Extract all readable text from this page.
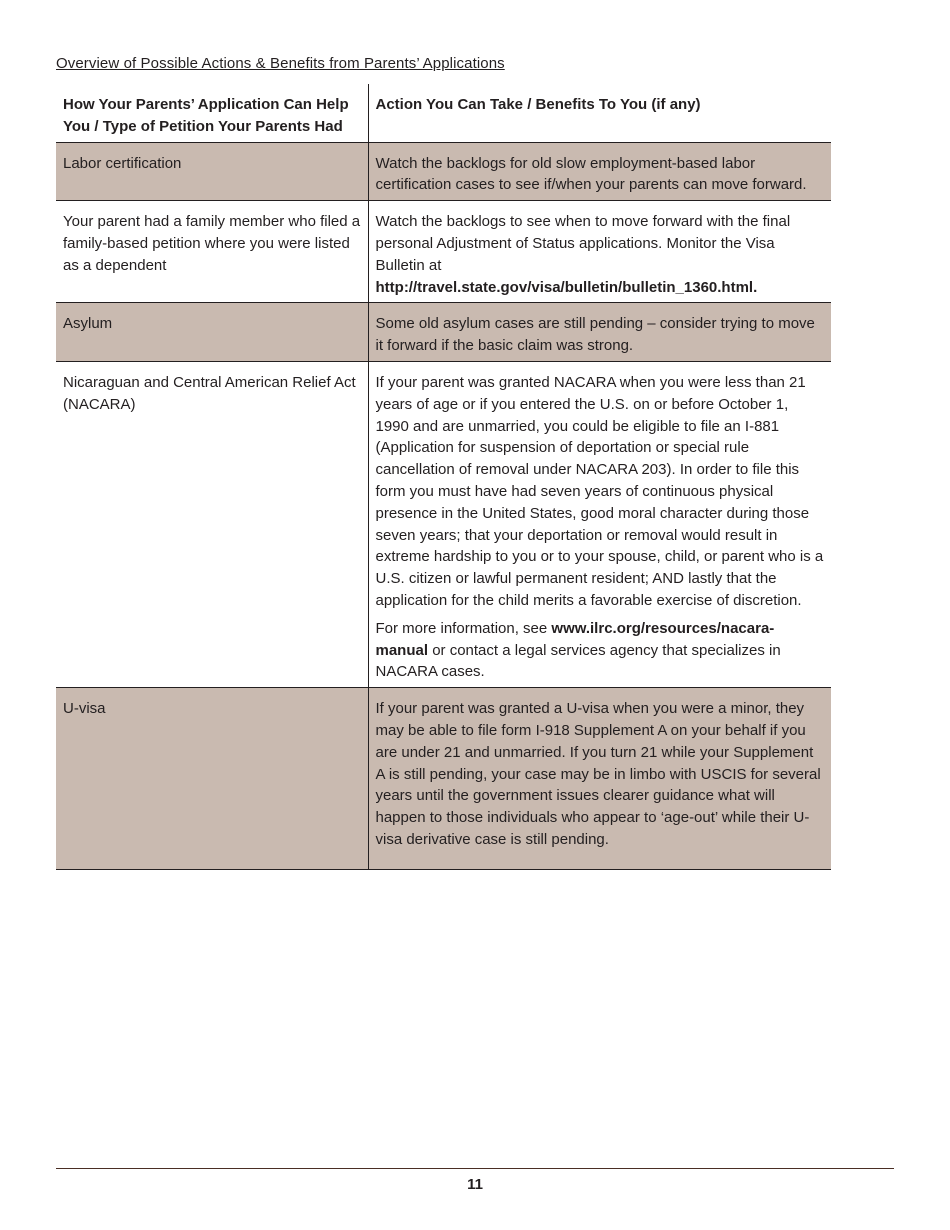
Overview of Possible Actions & Benefits from Parents’ Applications
How Your Parents’ Application Can Help You / Type of Petition Your Parents Had	Action You Can Take / Benefits To You (if any)
Labor certification	Watch the backlogs for old slow employment-based labor certification cases to see if/when your parents can move forward.
Your parent had a family member who filed a family-based petition where you were listed as a dependent	Watch the backlogs to see when to move forward with the final personal Adjustment of Status applications. Monitor the Visa Bulletin at http://travel.state.gov/visa/bulletin/bulletin_1360.html.
Asylum	Some old asylum cases are still pending – consider trying to move it forward if the basic claim was strong.
Nicaraguan and Central American Relief Act (NACARA)	If your parent was granted NACARA when you were less than 21 years of age or if you entered the U.S. on or before October 1, 1990 and are unmarried, you could be eligible to file an I-881 (Application for suspension of deportation or special rule cancellation of removal under NACARA 203). In order to file this form you must have had seven years of continuous physical presence in the United States, good moral character during those seven years; that your deportation or removal would result in extreme hardship to you or to your spouse, child, or parent who is a U.S. citizen or lawful permanent resident; AND lastly that the application for the child merits a favorable exercise of discretion.

For more information, see www.ilrc.org/resources/nacara-manual or contact a legal services agency that specializes in NACARA cases.

U-visa	If your parent was granted a U-visa when you were a minor, they may be able to file form I-918 Supplement A on your behalf if you are under 21 and unmarried. If you turn 21 while your Supplement A is still pending, your case may be in limbo with USCIS for several years until the government issues clearer guidance what will happen to those individuals who appear to ‘age-out’ while their U-visa derivative case is still pending.
11
